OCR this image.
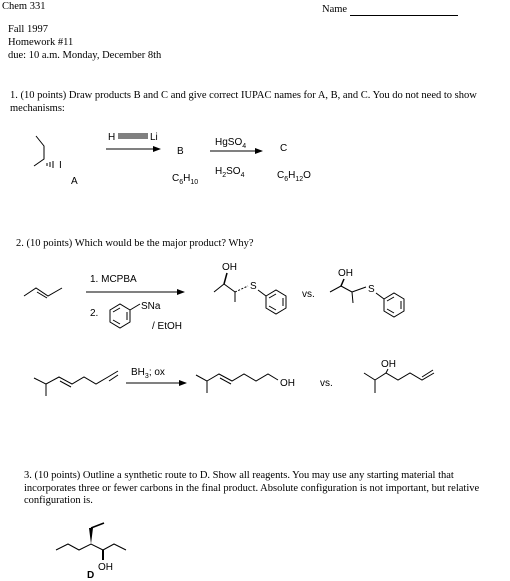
Chem 331	Name
Fall 1997
Homework #11
due: 10 a.m. Monday, December 8th
1. (10 points) Draw products B and C and give correct IUPAC names for A, B, and C. You do not need to show mechanisms:
2. (10 points) Which would be the major product? Why?
3. (10 points) Outline a synthetic route to D. Show all reagents. You may use any starting material that incorporates three or fewer carbons in the final product. Absolute configuration is not important, but relative configuration is.
I
A
H	Li
B
$C_6H_{10}$
HgSO$_4$
$H_2SO_4$
C
$C_6H_{12}O$
1. MCPBA
2.
SNa
/ EtOH
OH
S
vs.
OH
S
$BH_3$; ox
OH	vs.
OH
OH
D
